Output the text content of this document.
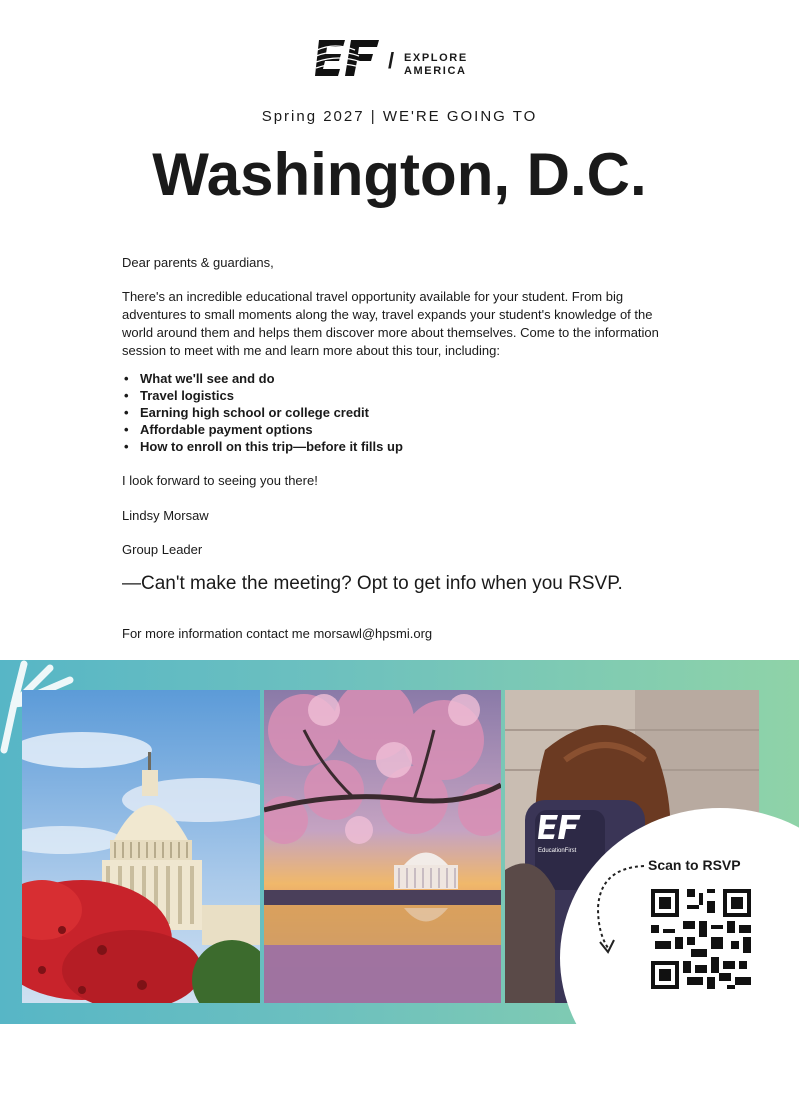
/ EXPLORE
AMERICA
Spring 2027 | WE'RE GOING TO
Washington, D.C.
Dear parents & guardians,
There's an incredible educational travel opportunity available for your student. From big adventures to small moments along the way, travel expands your student's knowledge of the world around them and helps them discover more about themselves. Come to the information session to meet with me and learn more about this tour, including:
• What we'll see and do
• Travel logistics
• Earning high school or college credit
• Affordable payment options
• How to enroll on this trip—before it fills up
I look forward to seeing you there!
Lindsy Morsaw
Group Leader
—Can't make the meeting? Opt to get info when you RSVP.
For more information contact me morsawl@hpsmi.org
EducationFirst
Scan to RSVP
